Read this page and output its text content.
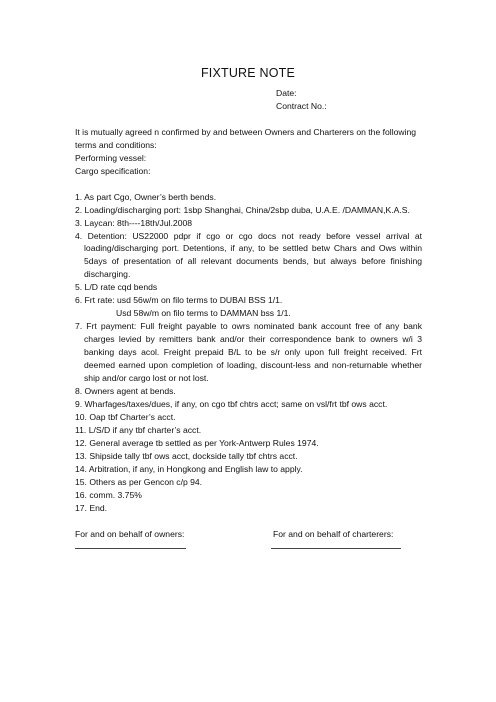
FIXTURE NOTE
Date:
Contract No.:
It is mutually agreed n confirmed by and between Owners and Charterers on the following
terms and conditions:
Performing vessel:
Cargo specification:
1. As part Cgo, Owner’s berth bends.
2. Loading/discharging port: 1sbp Shanghai, China/2sbp duba, U.A.E. /DAMMAN,K.A.S.
3. Laycan: 8th----18th/Jul.2008
4. Detention: US22000 pdpr if cgo or cgo docs not ready before vessel arrival at
loading/discharging port. Detentions, if any, to be settled betw Chars and Ows within
5days of presentation of all relevant documents bends, but always before finishing
discharging.
5. L/D rate cqd bends
6. Frt rate: usd 56w/m on filo terms to DUBAI BSS 1/1.
Usd 58w/m on filo terms to DAMMAN bss 1/1.
7. Frt payment: Full freight payable to owrs nominated bank account free of any bank
charges levied by remitters bank and/or their correspondence bank to owners w/i 3
banking days acol. Freight prepaid B/L to be s/r only upon full freight received. Frt
deemed earned upon completion of loading, discount-less and non-returnable whether
ship and/or cargo lost or not lost.
8. Owners agent at bends.
9. Wharfages/taxes/dues, if any, on cgo tbf chtrs acct; same on vsl/frt tbf ows acct.
10. Oap tbf Charter’s acct.
11. L/S/D if any tbf charter’s acct.
12. General average tb settled as per York-Antwerp Rules 1974.
13. Shipside tally tbf ows acct, dockside tally tbf chtrs acct.
14. Arbitration, if any, in Hongkong and English law to apply.
15. Others as per Gencon c/p 94.
16. comm. 3.75%
17. End.
For and on behalf of owners:	For and on behalf of charterers:
